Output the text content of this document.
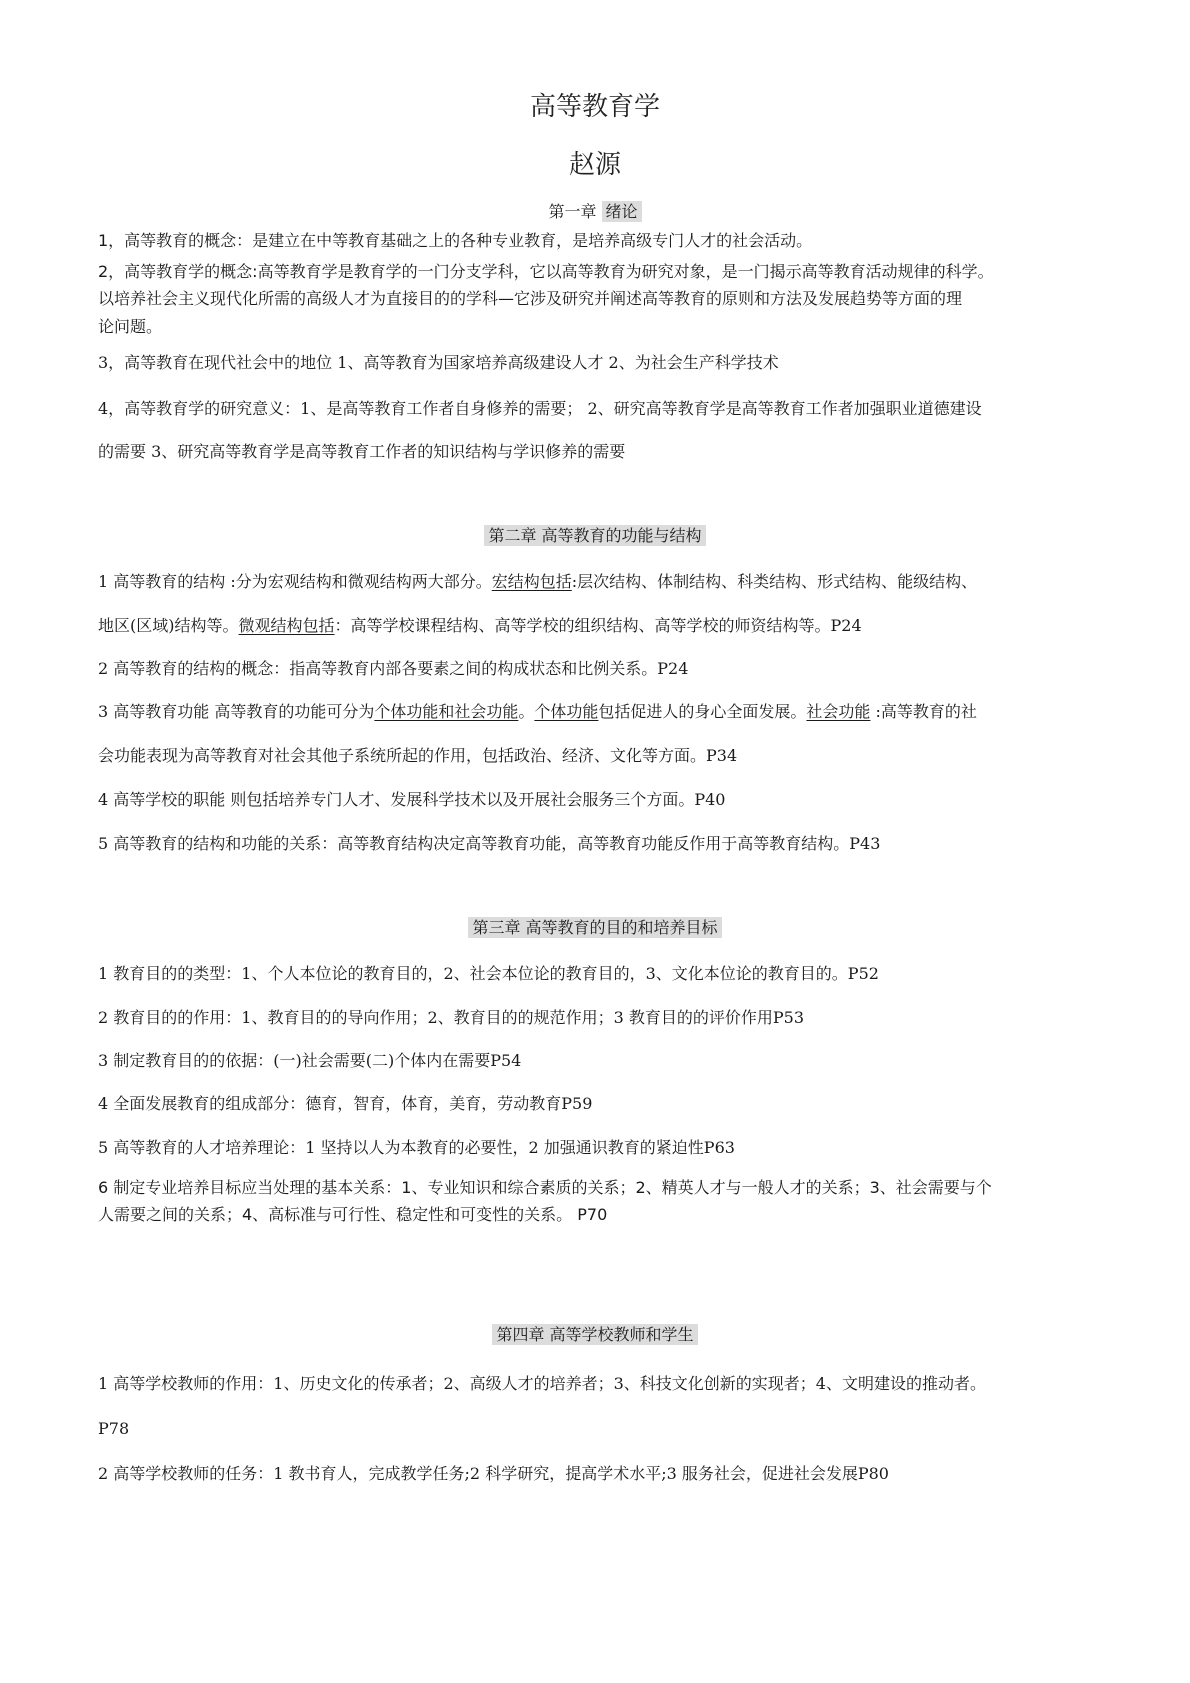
高等教育学
赵源
第一章 绪论
1，高等教育的概念：是建立在中等教育基础之上的各种专业教育，是培养高级专门人才的社会活动。
2，高等教育学的概念:高等教育学是教育学的一门分支学科，它以高等教育为研究对象，是一门揭示高等教育活动规律的科学。
以培养社会主义现代化所需的高级人才为直接目的的学科—它涉及研究并阐述高等教育的原则和方法及发展趋势等方面的理
论问题。
3，高等教育在现代社会中的地位 1、高等教育为国家培养高级建设人才 2、为社会生产科学技术
4，高等教育学的研究意义：1、是高等教育工作者自身修养的需要； 2、研究高等教育学是高等教育工作者加强职业道德建设
的需要 3、研究高等教育学是高等教育工作者的知识结构与学识修养的需要
第二章 高等教育的功能与结构
1 高等教育的结构 :分为宏观结构和微观结构两大部分。宏结构包括:层次结构、体制结构、科类结构、形式结构、能级结构、
地区(区域)结构等。微观结构包括：高等学校课程结构、高等学校的组织结构、高等学校的师资结构等。P24
2 高等教育的结构的概念：指高等教育内部各要素之间的构成状态和比例关系。P24
3 高等教育功能 高等教育的功能可分为个体功能和社会功能。个体功能包括促进人的身心全面发展。社会功能 :高等教育的社
会功能表现为高等教育对社会其他子系统所起的作用，包括政治、经济、文化等方面。P34
4 高等学校的职能 则包括培养专门人才、发展科学技术以及开展社会服务三个方面。P40
5 高等教育的结构和功能的关系：高等教育结构决定高等教育功能，高等教育功能反作用于高等教育结构。P43
第三章 高等教育的目的和培养目标
1 教育目的的类型：1、个人本位论的教育目的，2、社会本位论的教育目的，3、文化本位论的教育目的。P52
2 教育目的的作用：1、教育目的的导向作用；2、教育目的的规范作用；3 教育目的的评价作用P53
3 制定教育目的的依据：(一)社会需要(二)个体内在需要P54
4 全面发展教育的组成部分：德育，智育，体育，美育，劳动教育P59
5 高等教育的人才培养理论：1 坚持以人为本教育的必要性，2 加强通识教育的紧迫性P63
6 制定专业培养目标应当处理的基本关系：1、专业知识和综合素质的关系；2、精英人才与一般人才的关系；3、社会需要与个
人需要之间的关系；4、高标准与可行性、稳定性和可变性的关系。 P70
第四章 高等学校教师和学生
1 高等学校教师的作用：1、历史文化的传承者；2、高级人才的培养者；3、科技文化创新的实现者；4、文明建设的推动者。
P78
2 高等学校教师的任务：1 教书育人，完成教学任务;2 科学研究，提高学术水平;3 服务社会，促进社会发展P80
